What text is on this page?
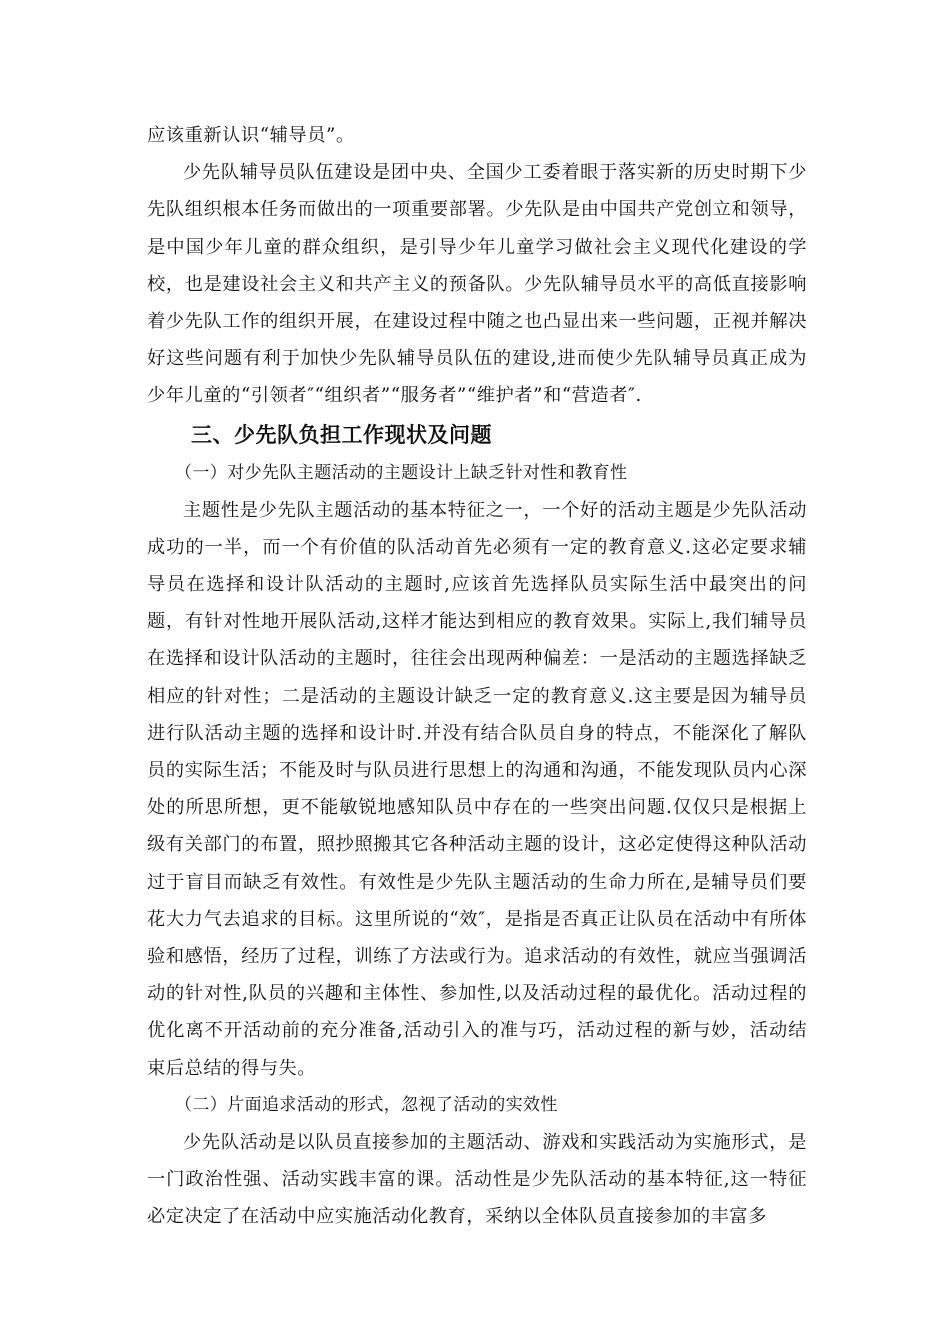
应该重新认识“辅导员”。

少先队辅导员队伍建设是团中央、全国少工委着眼于落实新的历史时期下少先队组织根本任务而做出的一项重要部署。少先队是由中国共产党创立和领导，是中国少年儿童的群众组织，是引导少年儿童学习做社会主义现代化建设的学校，也是建设社会主义和共产主义的预备队。少先队辅导员水平的高低直接影响着少先队工作的组织开展，在建设过程中随之也凸显出来一些问题，正视并解决好这些问题有利于加快少先队辅导员队伍的建设,进而使少先队辅导员真正成为少年儿童的“引领者″“组织者”“服务者”“维护者”和“营造者″.

三、少先队负担工作现状及问题

（一）对少先队主题活动的主题设计上缺乏针对性和教育性

主题性是少先队主题活动的基本特征之一，一个好的活动主题是少先队活动成功的一半，而一个有价值的队活动首先必须有一定的教育意义.这必定要求辅导员在选择和设计队活动的主题时,应该首先选择队员实际生活中最突出的问题，有针对性地开展队活动,这样才能达到相应的教育效果。实际上,我们辅导员在选择和设计队活动的主题时，往往会出现两种偏差：一是活动的主题选择缺乏相应的针对性；二是活动的主题设计缺乏一定的教育意义.这主要是因为辅导员进行队活动主题的选择和设计时.并没有结合队员自身的特点，不能深化了解队员的实际生活；不能及时与队员进行思想上的沟通和沟通，不能发现队员内心深处的所思所想，更不能敏锐地感知队员中存在的一些突出问题.仅仅只是根据上级有关部门的布置，照抄照搬其它各种活动主题的设计，这必定使得这种队活动过于盲目而缺乏有效性。有效性是少先队主题活动的生命力所在,是辅导员们要花大力气去追求的目标。这里所说的“效″，是指是否真正让队员在活动中有所体验和感悟，经历了过程，训练了方法或行为。追求活动的有效性，就应当强调活动的针对性,队员的兴趣和主体性、参加性,以及活动过程的最优化。活动过程的优化离不开活动前的充分准备,活动引入的准与巧，活动过程的新与妙，活动结束后总结的得与失。

（二）片面追求活动的形式，忽视了活动的实效性

少先队活动是以队员直接参加的主题活动、游戏和实践活动为实施形式，是一门政治性强、活动实践丰富的课。活动性是少先队活动的基本特征,这一特征必定决定了在活动中应实施活动化教育，采纳以全体队员直接参加的丰富多
